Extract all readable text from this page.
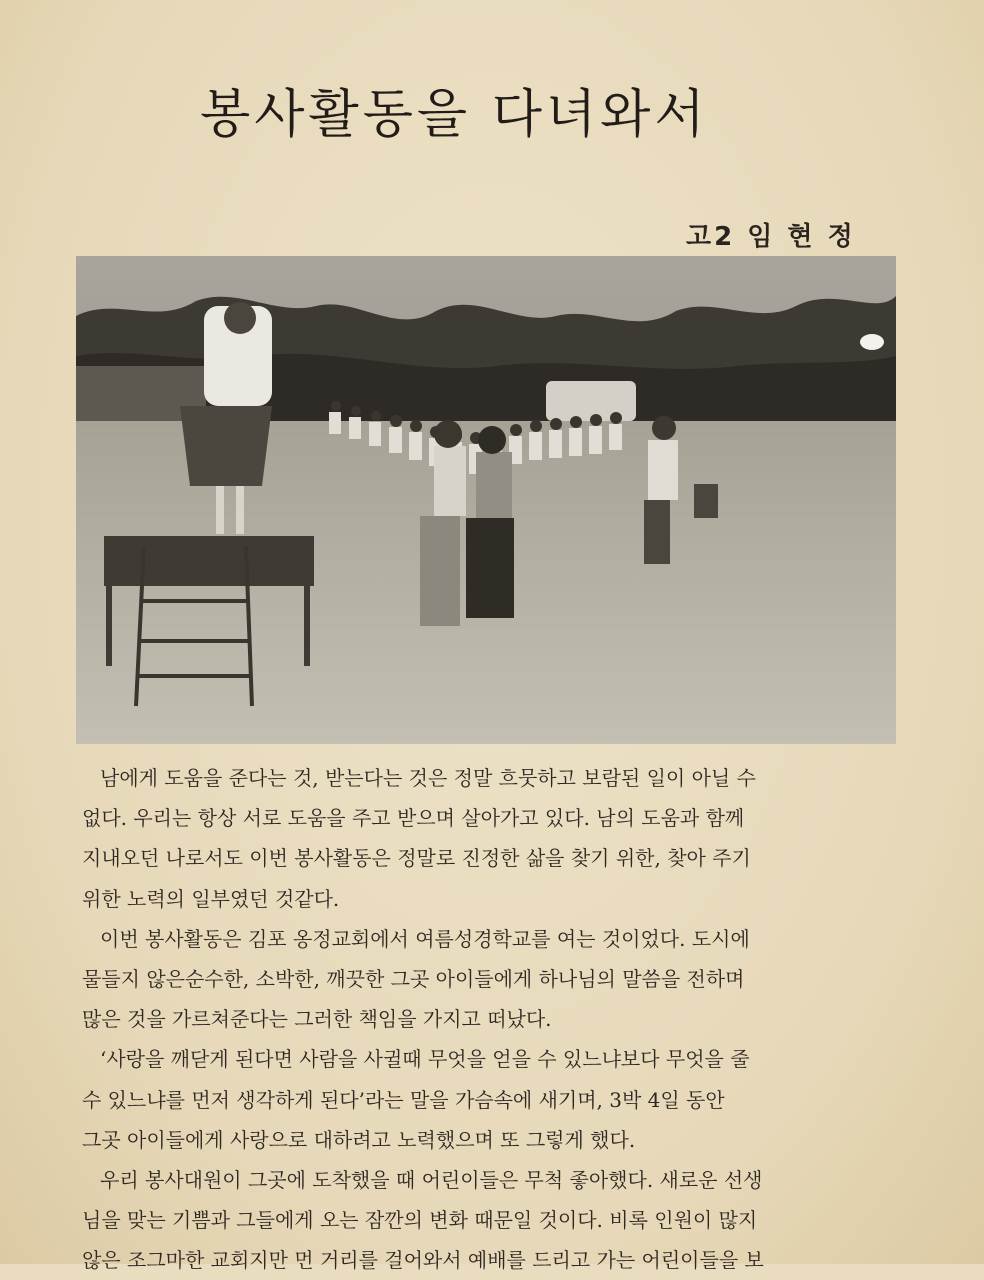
봉사활동을 다녀와서
고2 임 현 정
남에게 도움을 준다는 것, 받는다는 것은 정말 흐뭇하고 보람된 일이 아닐 수
없다. 우리는 항상 서로 도움을 주고 받으며 살아가고 있다. 남의 도움과 함께
지내오던 나로서도 이번 봉사활동은 정말로 진정한 삶을 찾기 위한, 찾아 주기
위한 노력의 일부였던 것같다.
이번 봉사활동은 김포 옹정교회에서 여름성경학교를 여는 것이었다. 도시에
물들지 않은순수한, 소박한, 깨끗한 그곳 아이들에게 하나님의 말씀을 전하며
많은 것을 가르쳐준다는 그러한 책임을 가지고 떠났다.
‘사랑을 깨닫게 된다면 사람을 사귈때 무엇을 얻을 수 있느냐보다 무엇을 줄
수 있느냐를 먼저 생각하게 된다’라는 말을 가슴속에 새기며, 3박 4일 동안
그곳 아이들에게 사랑으로 대하려고 노력했으며 또 그렇게 했다.
우리 봉사대원이 그곳에 도착했을 때 어린이들은 무척 좋아했다. 새로운 선생
님을 맞는 기쁨과 그들에게 오는 잠깐의 변화 때문일 것이다. 비록 인원이 많지
않은 조그마한 교회지만 먼 거리를 걸어와서 예배를 드리고 가는 어린이들을 보
